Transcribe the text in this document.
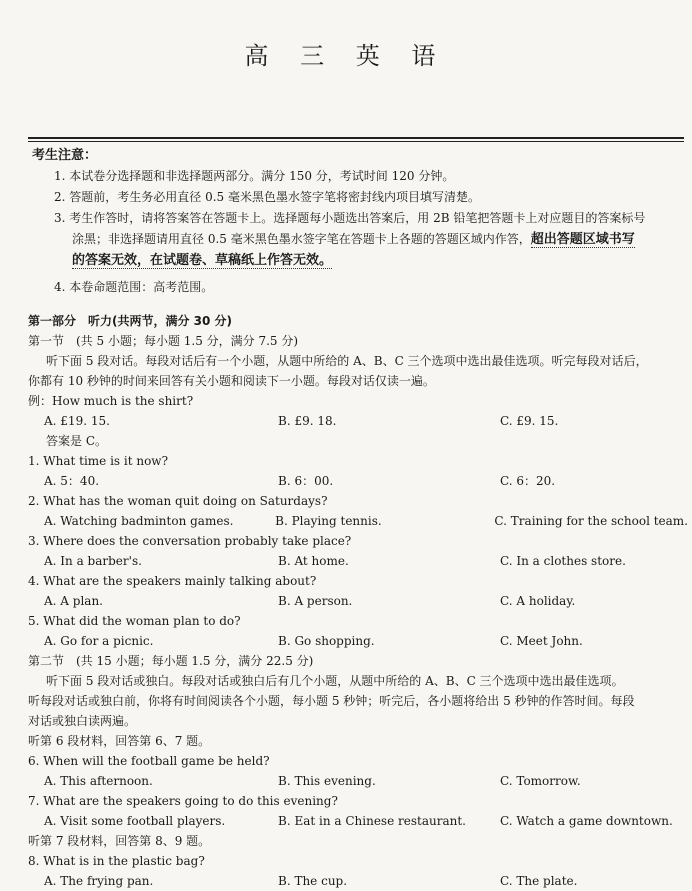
高 三 英 语
考生注意：
1. 本试卷分选择题和非选择题两部分。满分 150 分，考试时间 120 分钟。
2. 答题前，考生务必用直径 0.5 毫米黑色墨水签字笔将密封线内项目填写清楚。
3. 考生作答时，请将答案答在答题卡上。选择题每小题选出答案后，用 2B 铅笔把答题卡上对应题目的答案标号
涂黑；非选择题请用直径 0.5 毫米黑色墨水签字笔在答题卡上各题的答题区域内作答，超出答题区域书写
的答案无效，在试题卷、草稿纸上作答无效。
4. 本卷命题范围：高考范围。
第一部分　听力(共两节，满分 30 分)
第一节　(共 5 小题；每小题 1.5 分，满分 7.5 分)
听下面 5 段对话。每段对话后有一个小题，从题中所给的 A、B、C 三个选项中选出最佳选项。听完每段对话后，
你都有 10 秒钟的时间来回答有关小题和阅读下一小题。每段对话仅读一遍。
例：How much is the shirt?
A. £19. 15.	B. £9. 18.	C. £9. 15.
答案是 C。
1. What time is it now?
A. 5：40.	B. 6：00.	C. 6：20.
2. What has the woman quit doing on Saturdays?
A. Watching badminton games.	B. Playing tennis.	C. Training for the school team.
3. Where does the conversation probably take place?
A. In a barber's.	B. At home.	C. In a clothes store.
4. What are the speakers mainly talking about?
A. A plan.	B. A person.	C. A holiday.
5. What did the woman plan to do?
A. Go for a picnic.	B. Go shopping.	C. Meet John.
第二节　(共 15 小题；每小题 1.5 分，满分 22.5 分)
听下面 5 段对话或独白。每段对话或独白后有几个小题，从题中所给的 A、B、C 三个选项中选出最佳选项。
听每段对话或独白前，你将有时间阅读各个小题，每小题 5 秒钟；听完后，各小题将给出 5 秒钟的作答时间。每段
对话或独白读两遍。
听第 6 段材料，回答第 6、7 题。
6. When will the football game be held?
A. This afternoon.	B. This evening.	C. Tomorrow.
7. What are the speakers going to do this evening?
A. Visit some football players.	B. Eat in a Chinese restaurant.	C. Watch a game downtown.
听第 7 段材料，回答第 8、9 题。
8. What is in the plastic bag?
A. The frying pan.	B. The cup.	C. The plate.
